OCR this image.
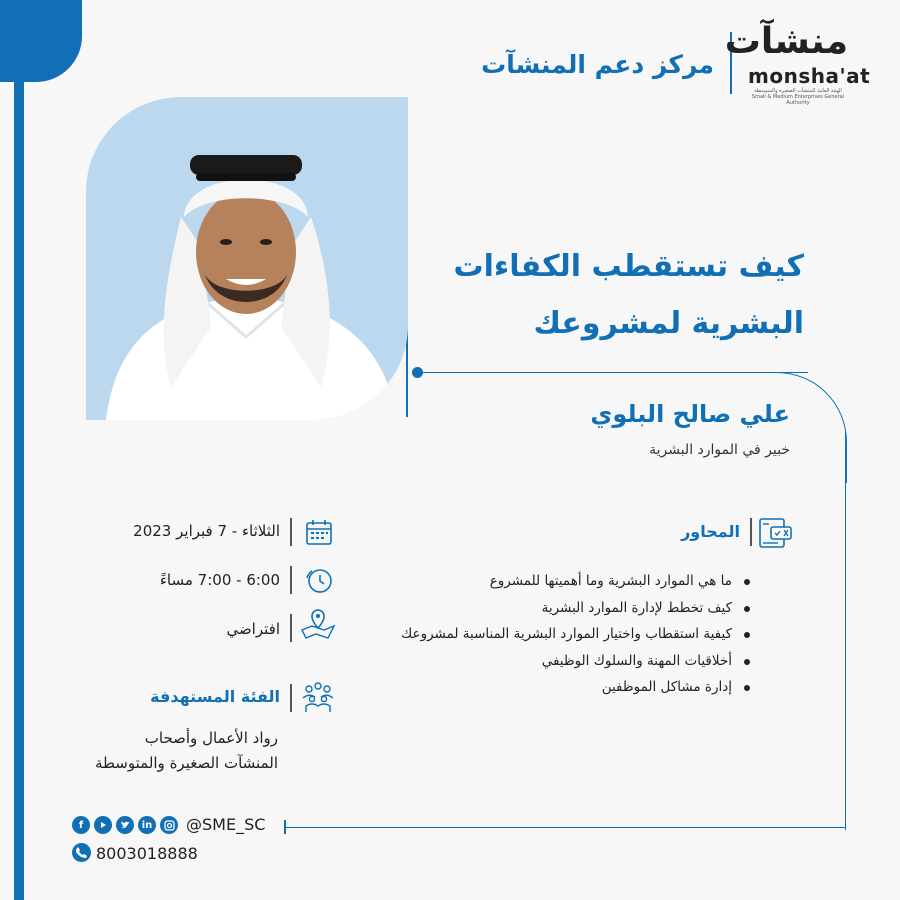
مركز دعم المنشآت
منشآت
monsha'at
الهيئة العامة للمنشآت الصغيرة والمتوسطة
Small & Medium Enterprises General Authority
كيف تستقطب الكفاءات
البشرية لمشروعك
علي صالح البلوي
خبير في الموارد البشرية
المحاور
ما هي الموارد البشرية وما أهميتها للمشروع
كيف تخطط لإدارة الموارد البشرية
كيفية استقطاب واختيار الموارد البشرية المناسبة لمشروعك
أخلاقيات المهنة والسلوك الوظيفي
إدارة مشاكل الموظفين
الثلاثاء - 7 فبراير 2023
6:00 - 7:00 مساءً
افتراضي
الفئة المستهدفة
رواد الأعمال وأصحاب
المنشآت الصغيرة والمتوسطة
f	in @SME_SC
8003018888
